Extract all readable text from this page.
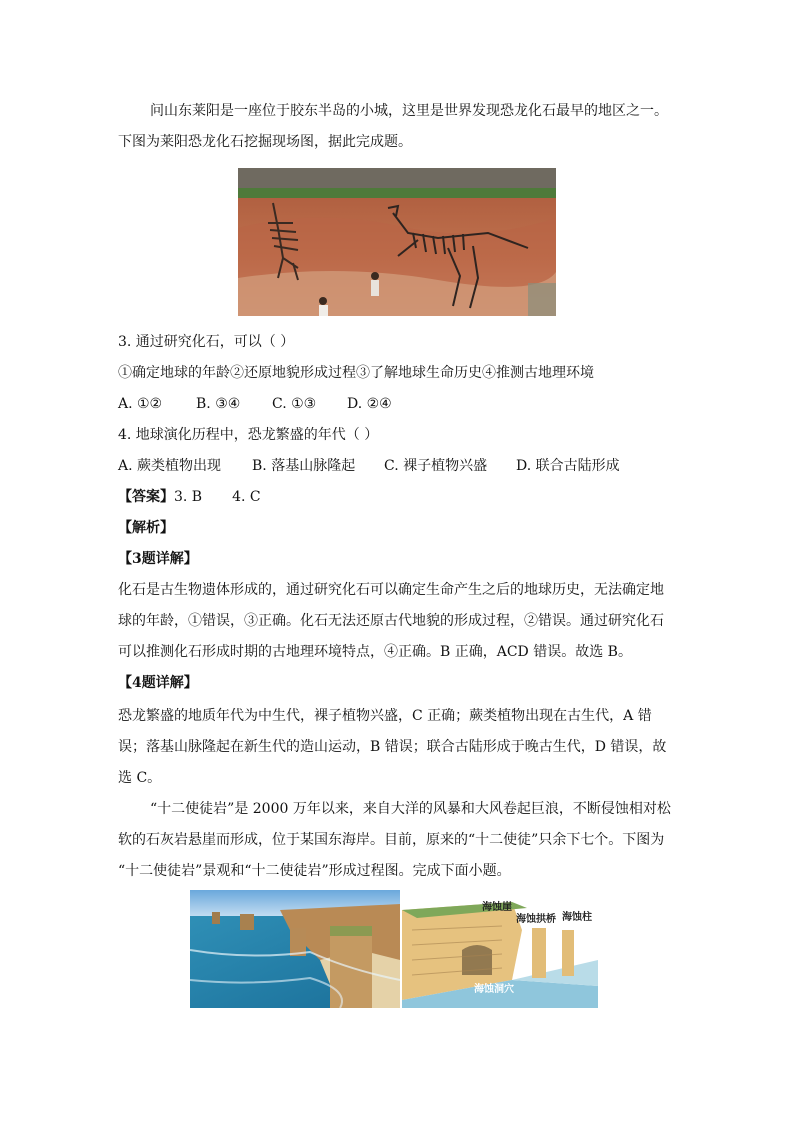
问山东莱阳是一座位于胶东半岛的小城，这里是世界发现恐龙化石最早的地区之一。
下图为莱阳恐龙化石挖掘现场图，据此完成题。
3. 通过研究化石，可以（ ）
①确定地球的年龄②还原地貌形成过程③了解地球生命历史④推测古地理环境
A. ①② B. ③④ C. ①③ D. ②④
4. 地球演化历程中，恐龙繁盛的年代（ ）
A. 蕨类植物出现 B. 落基山脉隆起 C. 裸子植物兴盛 D. 联合古陆形成
【答案】3. B 4. C
【解析】
【3题详解】
化石是古生物遗体形成的，通过研究化石可以确定生命产生之后的地球历史，无法确定地
球的年龄，①错误，③正确。化石无法还原古代地貌的形成过程，②错误。通过研究化石
可以推测化石形成时期的古地理环境特点，④正确。B 正确，ACD 错误。故选 B。
【4题详解】
恐龙繁盛的地质年代为中生代，裸子植物兴盛，C 正确；蕨类植物出现在古生代，A 错
误；落基山脉隆起在新生代的造山运动，B 错误；联合古陆形成于晚古生代，D 错误，故
选 C。
“十二使徒岩”是 2000 万年以来，来自大洋的风暴和大风卷起巨浪，不断侵蚀相对松
软的石灰岩悬崖而形成，位于某国东海岸。目前，原来的“十二使徒”只余下七个。下图为
“十二使徒岩”景观和“十二使徒岩”形成过程图。完成下面小题。
海蚀崖
海蚀拱桥 海蚀柱
海蚀洞穴
